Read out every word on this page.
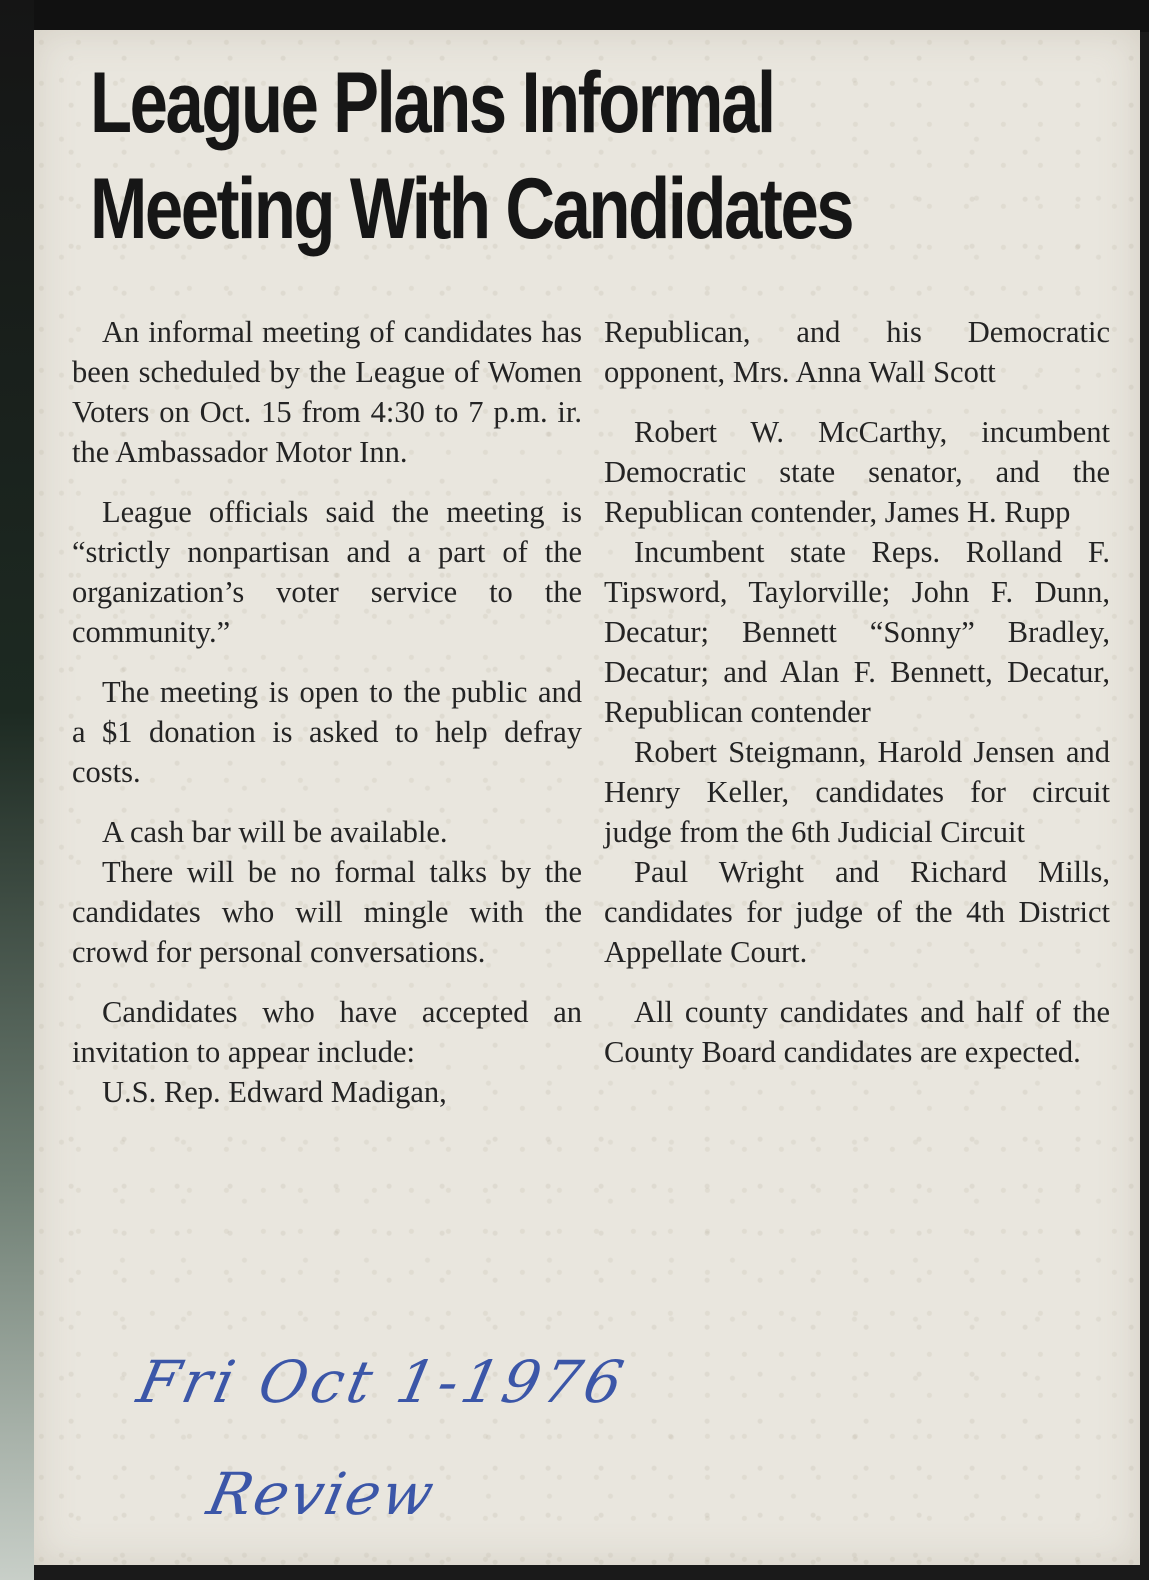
League Plans Informal
Meeting With Candidates

An informal meeting of candidates has been scheduled by the League of Women Voters on Oct. 15 from 4:30 to 7 p.m. ir. the Ambassador Motor Inn.

League officials said the meeting is “strictly nonpartisan and a part of the organization’s voter service to the community.”

The meeting is open to the public and a $1 donation is asked to help defray costs.

A cash bar will be available.

There will be no formal talks by the candidates who will mingle with the crowd for personal conversations.

Candidates who have accepted an invitation to appear include:

U.S. Rep. Edward Madigan,

Republican, and his Democratic opponent, Mrs. Anna Wall Scott

Robert W. McCarthy, incumbent Democratic state senator, and the Republican contender, James H. Rupp

Incumbent state Reps. Rolland F. Tipsword, Taylorville; John F. Dunn, Decatur; Bennett “Sonny” Bradley, Decatur; and Alan F. Bennett, Decatur, Republican contender

Robert Steigmann, Harold Jensen and Henry Keller, candidates for circuit judge from the 6th Judicial Circuit

Paul Wright and Richard Mills, candidates for judge of the 4th District Appellate Court.

All county candidates and half of the County Board candidates are expected.

Fri Oct 1-1976
Review
